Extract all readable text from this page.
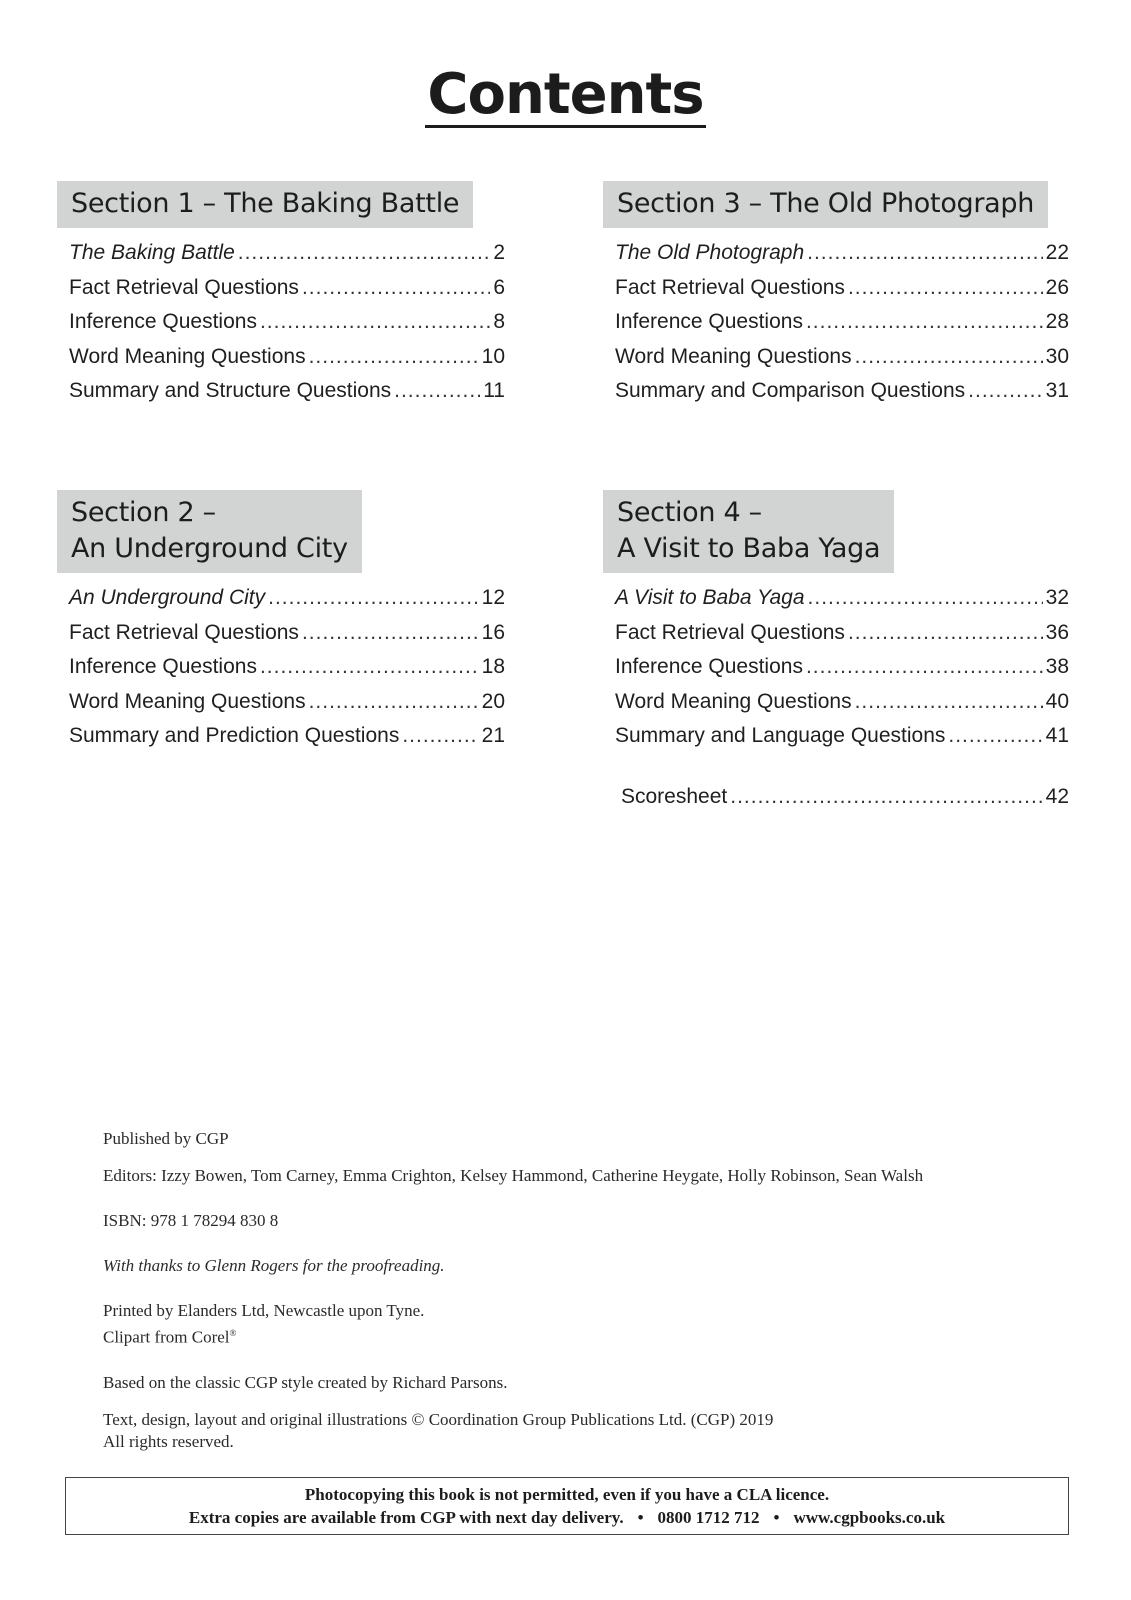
Contents
Section 1 – The Baking Battle
The Baking Battle .....	2
Fact Retrieval Questions .....	6
Inference Questions .....	8
Word Meaning Questions .....	10
Summary and Structure Questions .....	11
Section 3 – The Old Photograph
The Old Photograph .....	22
Fact Retrieval Questions .....	26
Inference Questions .....	28
Word Meaning Questions .....	30
Summary and Comparison Questions .....	31
Section 2 –
An Underground City
An Underground City .....	12
Fact Retrieval Questions .....	16
Inference Questions .....	18
Word Meaning Questions .....	20
Summary and Prediction Questions .....	21
Section 4 –
A Visit to Baba Yaga
A Visit to Baba Yaga .....	32
Fact Retrieval Questions .....	36
Inference Questions .....	38
Word Meaning Questions .....	40
Summary and Language Questions .....	41
Scoresheet .....	42

Published by CGP

Editors: Izzy Bowen, Tom Carney, Emma Crighton, Kelsey Hammond, Catherine Heygate, Holly Robinson, Sean Walsh

ISBN: 978 1 78294 830 8

With thanks to Glenn Rogers for the proofreading.

Printed by Elanders Ltd, Newcastle upon Tyne.

Clipart from Corel®

Based on the classic CGP style created by Richard Parsons.

Text, design, layout and original illustrations © Coordination Group Publications Ltd. (CGP) 2019

All rights reserved.

Photocopying this book is not permitted, even if you have a CLA licence.
Extra copies are available from CGP with next day delivery. • 0800 1712 712 • www.cgpbooks.co.uk
